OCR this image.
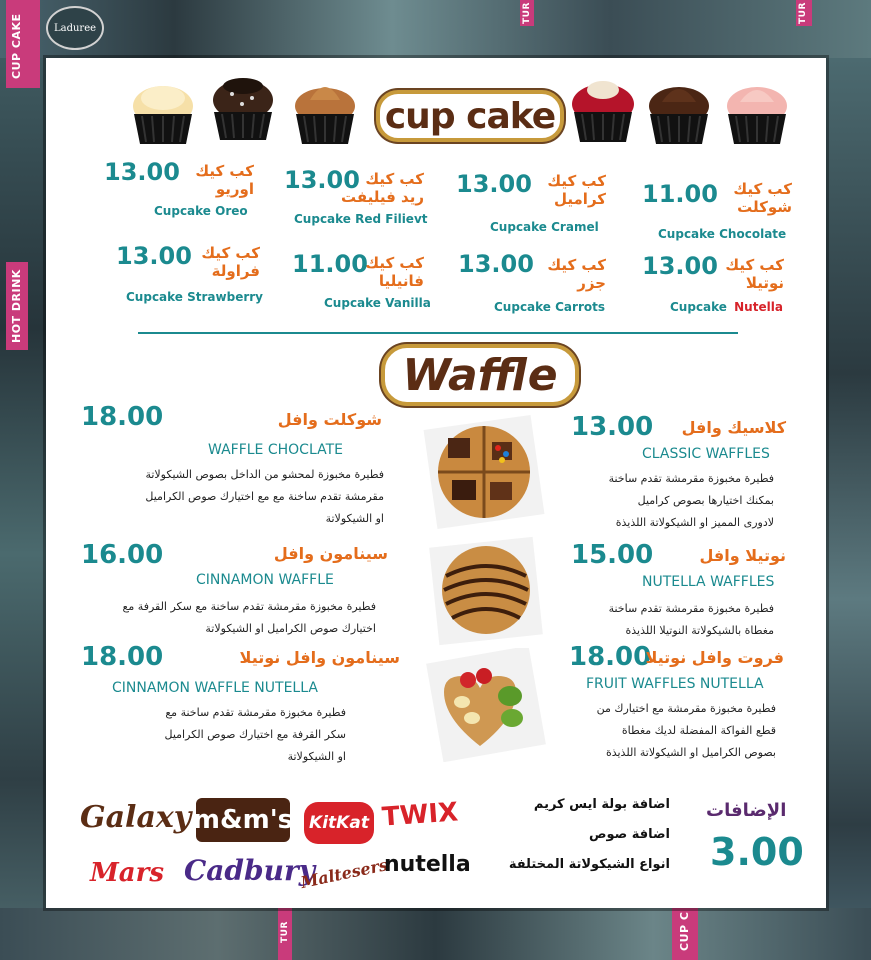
Laduree
CUP CAKE
HOT DRINK
TUR	TUR
TUR	CUP C
cup cake
كب كيك
شوكلت
11.00
Cupcake Chocolate
كب كيك
كراميل
13.00
Cupcake Cramel
كب كيك
ريد فيليفت
13.00
Cupcake Red Filievt
كب كيك
اوريو
13.00
Cupcake Oreo
كب كيك
نوتيلا
13.00
Cupcake Nutella
كب كيك
جزر
13.00
Cupcake Carrots
كب كيك
فانيليا
11.00
Cupcake Vanilla
كب كيك
فراولة
13.00
Cupcake Strawberry
Waffle
13.00 كلاسيك وافل
CLASSIC WAFFLES
فطيرة مخبوزة مقرمشة تقدم ساخنة
بمكنك اختيارها بصوص كراميل
لادورى المميز او الشيكولاتة اللذيذة
15.00	نوتيلا وافل
NUTELLA WAFFLES
فطيرة مخبوزة مقرمشة تقدم ساخنة
مغطاة بالشيكولاتة النوتيلا اللذيذة
18.00
فروت وافل نوتيلا
FRUIT WAFFLES NUTELLA
فطيرة مخبوزة مقرمشة مع اختيارك من
قطع الفواكة المفضلة لديك مغطاة
بصوص الكراميل او الشيكولاتة اللذيذة
18.00	شوكلت وافل
WAFFLE CHOCLATE
فطيرة مخبوزة لمحشو من الداخل بصوص الشيكولاتة
مقرمشة تقدم ساخنة مع مع اختيارك صوص الكراميل
او الشيكولاتة
16.00	سينامون وافل
CINNAMON WAFFLE
فطيرة مخبوزة مقرمشة تقدم ساخنة مع سكر القرفة مع
اختيارك صوص الكراميل او الشيكولاتة
18.00	سينامون وافل نوتيلا
CINNAMON WAFFLE NUTELLA
فطيرة مخبوزة مقرمشة تقدم ساخنة مع
سكر القرفة مع اختيارك صوص الكراميل
او الشيكولاتة
الإضافات
3.00
اضافة بولة ايس كريم
اضافة صوص
انواع الشيكولاتة المختلفة
Galaxy m&m's KitKat TWIX
Mars Cadbury
Maltesers
nutella
